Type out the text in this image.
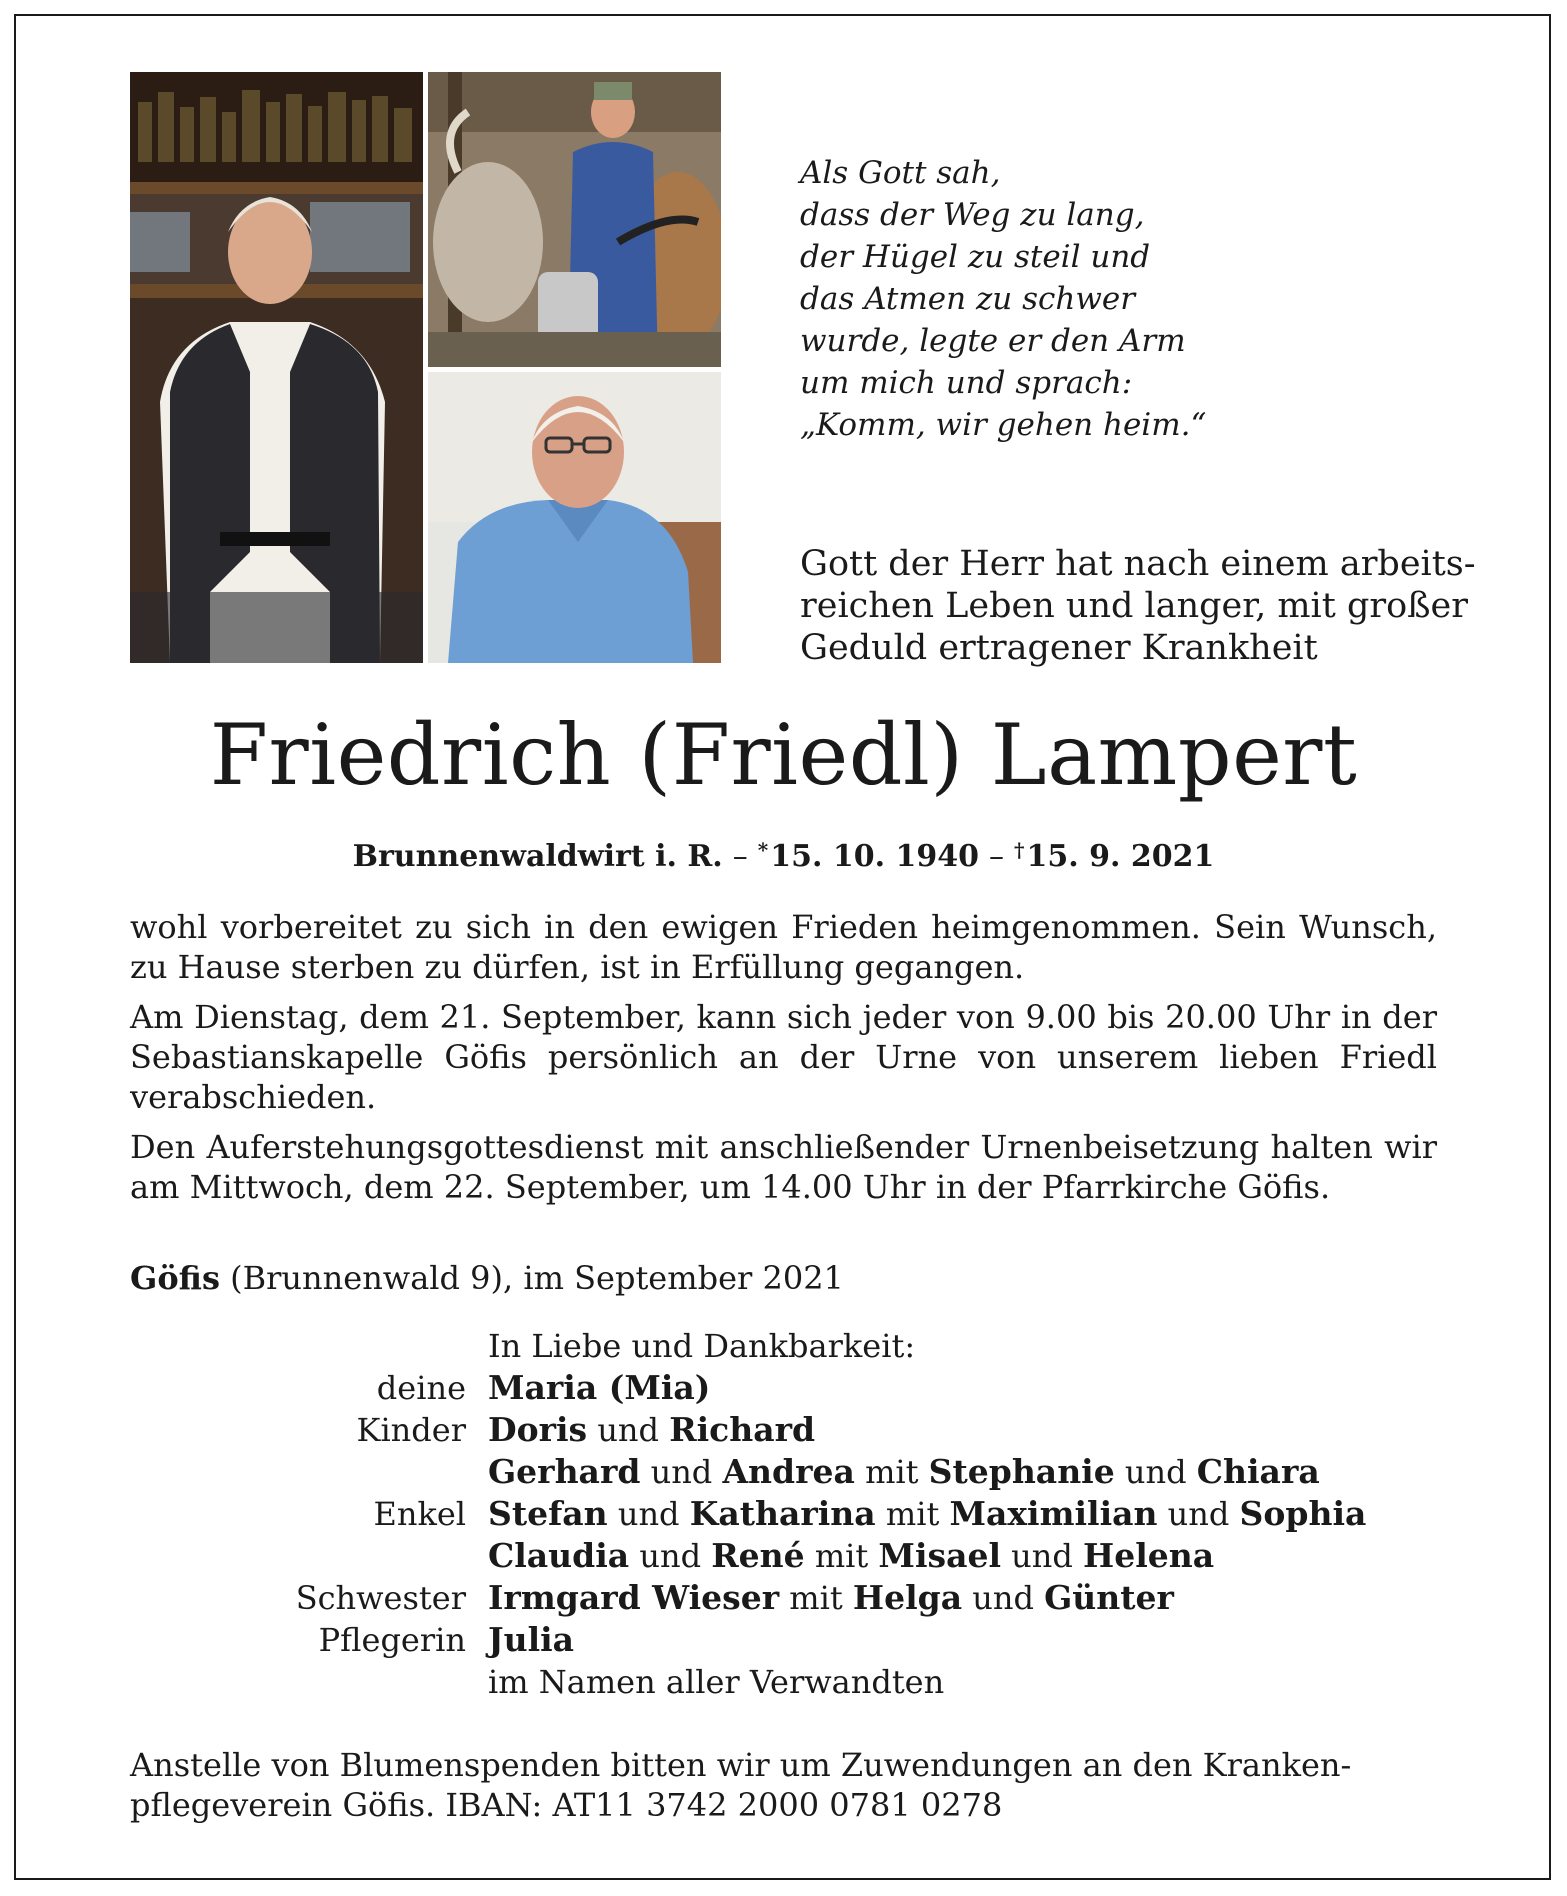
Als Gott sah,
dass der Weg zu lang,
der Hügel zu steil und
das Atmen zu schwer
wurde, legte er den Arm
um mich und sprach:
„Komm, wir gehen heim.“
Gott der Herr hat nach einem arbeits-
reichen Leben und langer, mit großer
Geduld ertragener Krankheit
Friedrich (Friedl) Lampert
Brunnenwaldwirt i. R. – *15. 10. 1940 – †15. 9. 2021

wohl vorbereitet zu sich in den ewigen Frieden heimgenommen. Sein Wunsch, zu Hause sterben zu dürfen, ist in Erfüllung gegangen.

Am Dienstag, dem 21. September, kann sich jeder von 9.00 bis 20.00 Uhr in der Sebastianskapelle Göfis persönlich an der Urne von unserem lieben Friedl verabschieden.

Den Auferstehungsgottesdienst mit anschließender Urnenbeisetzung halten wir am Mittwoch, dem 22. September, um 14.00 Uhr in der Pfarrkirche Göfis.

Göfis (Brunnenwald 9), im September 2021
In Liebe und Dankbarkeit:
deine Maria (Mia)
Kinder Doris und Richard
Gerhard und Andrea mit Stephanie und Chiara
Enkel Stefan und Katharina mit Maximilian und Sophia
Claudia und René mit Misael und Helena
Schwester Irmgard Wieser mit Helga und Günter
Pflegerin Julia
im Namen aller Verwandten
Anstelle von Blumenspenden bitten wir um Zuwendungen an den Kranken-
pflegeverein Göfis. IBAN: AT11 3742 2000 0781 0278
